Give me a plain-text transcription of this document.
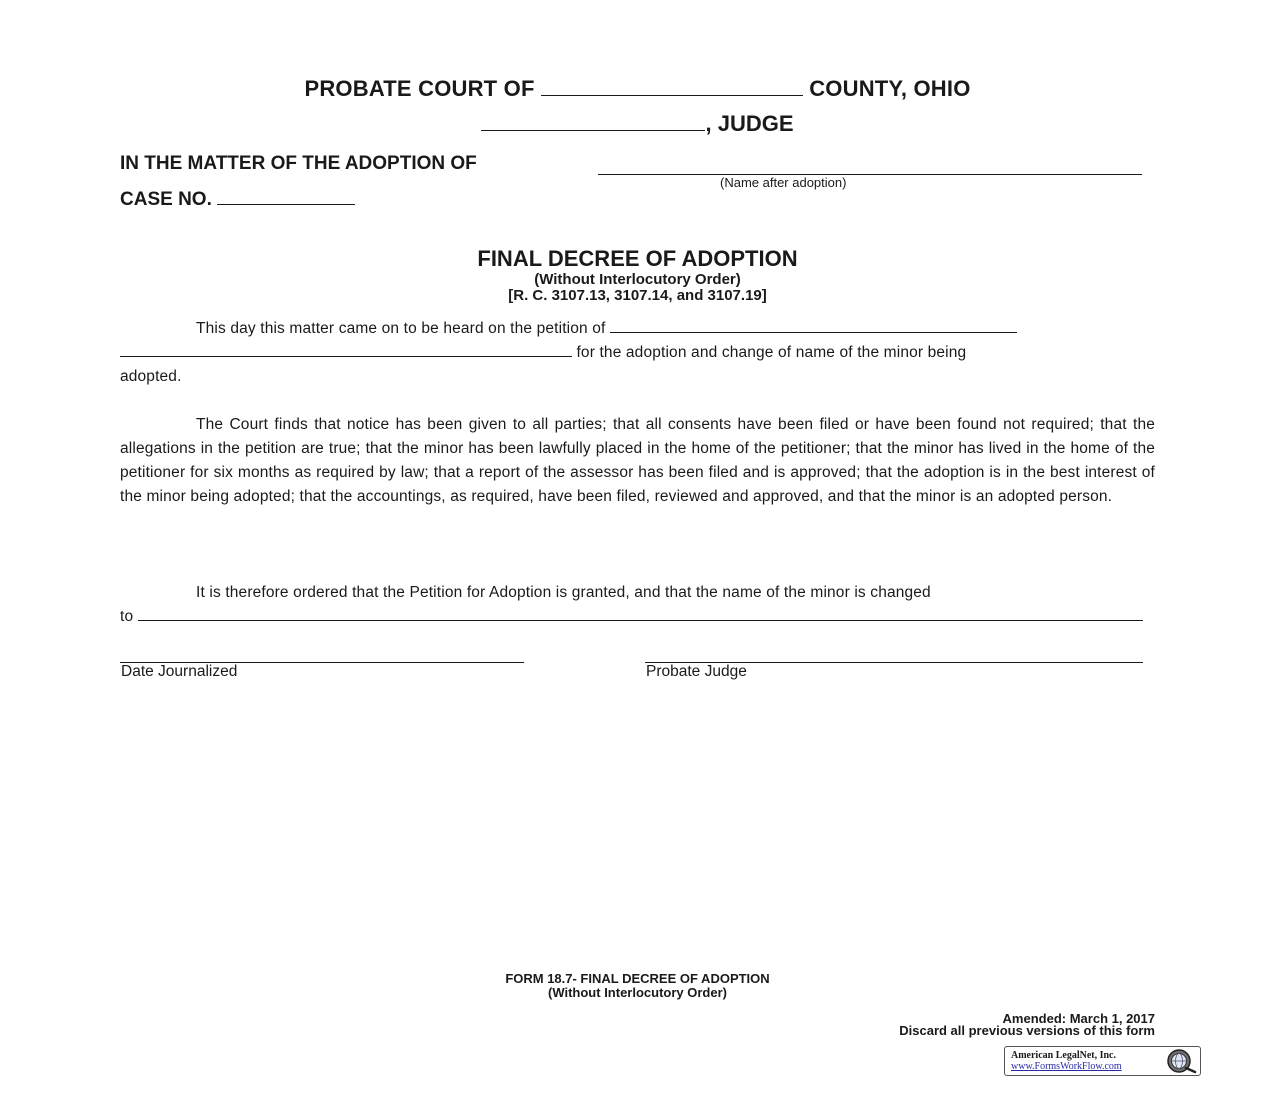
PROBATE COURT OF	COUNTY, OHIO
, JUDGE
IN THE MATTER OF THE ADOPTION OF
(Name after adoption)
CASE NO.
FINAL DECREE OF ADOPTION
(Without Interlocutory Order)
[R. C. 3107.13, 3107.14, and 3107.19]
This day this matter came on to be heard on the petition of
for the adoption and change of name of the minor being
adopted.
The Court finds that notice has been given to all parties; that all consents have been filed or have been found not required; that the allegations in the petition are true; that the minor has been lawfully placed in the home of the petitioner; that the minor has lived in the home of the petitioner for six months as required by law; that a report of the assessor has been filed and is approved; that the adoption is in the best interest of the minor being adopted; that the accountings, as required, have been filed, reviewed and approved, and that the minor is an adopted person.
It is therefore ordered that the Petition for Adoption is granted, and that the name of the minor is changed
to
Date Journalized	Probate Judge
FORM 18.7- FINAL DECREE OF ADOPTION
(Without Interlocutory Order)
Amended: March 1, 2017
Discard all previous versions of this form
American LegalNet, Inc.
www.FormsWorkFlow.com
